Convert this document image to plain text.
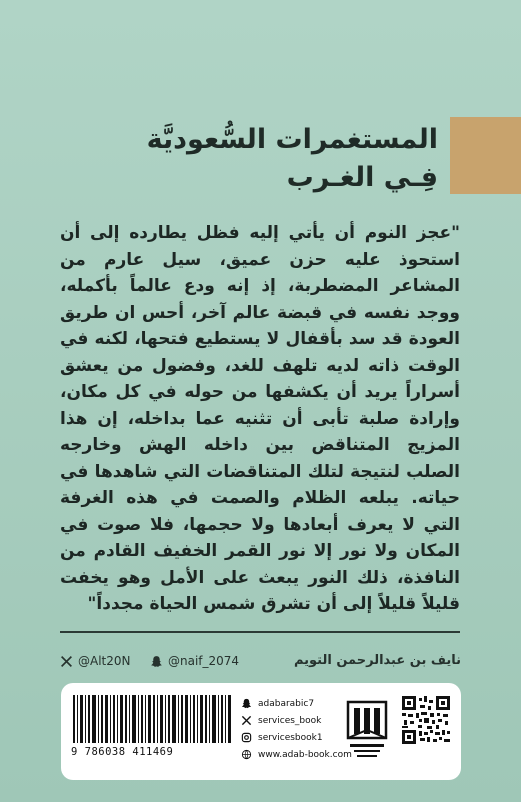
المستغمرات السُّعوديَّة
فِـي الغـرب
"عجز النوم أن يأتي إليه فظل يطارده إلى أن استحوذ عليه حزن عميق، سيل عارم من المشاعر المضطربة، إذ إنه ودع عالماً بأكمله، ووجد نفسه في قبضة عالم آخر، أحس ان طريق العودة قد سد بأقفال لا يستطيع فتحها، لكنه في الوقت ذاته لديه تلهف للغد، وفضول من يعشق أسراراً يريد أن يكشفها من حوله في كل مكان، وإرادة صلبة تأبى أن تثنيه عما بداخله، إن هذا المزيج المتناقض بين داخله الهش وخارجه الصلب لنتيجة لتلك المتناقضات التي شاهدها في حياته. يبلعه الظلام والصمت في هذه الغرفة التي لا يعرف أبعادها ولا حجمها، فلا صوت في المكان ولا نور إلا نور القمر الخفيف القادم من النافذة، ذلك النور يبعث على الأمل وهو يخفت قليلاً قليلاً إلى أن تشرق شمس الحياة مجدداً"
@Alt20N	@naif_2074	نايف بن عبدالرحمن التويم
9 786038 411469
adabarabic7
services_book
servicesbook1
www.adab-book.com
